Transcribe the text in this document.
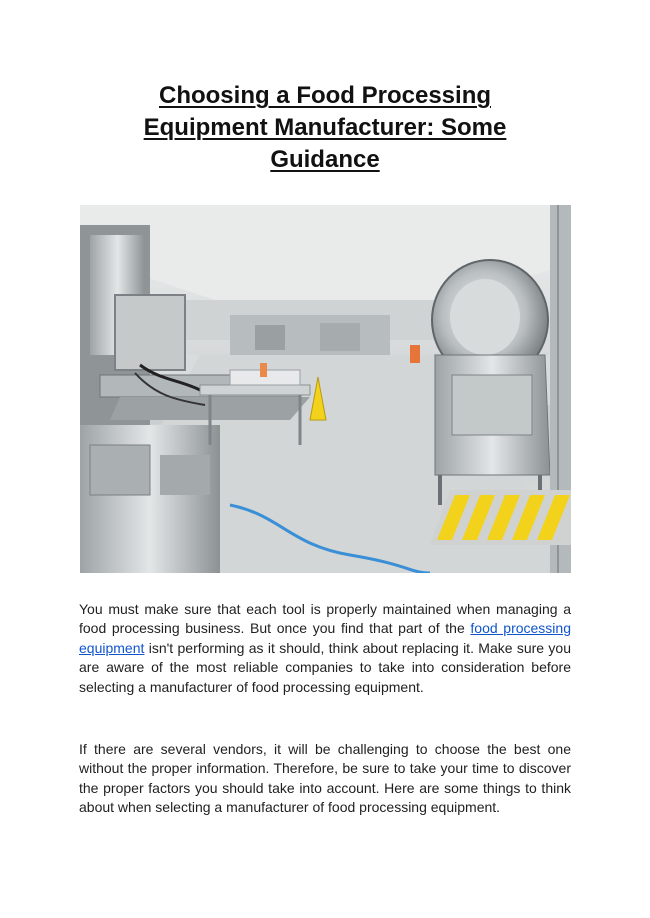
Choosing a Food Processing
Equipment Manufacturer: Some
Guidance

You must make sure that each tool is properly maintained when managing a food processing business. But once you find that part of the food processing equipment isn't performing as it should, think about replacing it. Make sure you are aware of the most reliable companies to take into consideration before selecting a manufacturer of food processing equipment.

If there are several vendors, it will be challenging to choose the best one without the proper information. Therefore, be sure to take your time to discover the proper factors you should take into account. Here are some things to think about when selecting a manufacturer of food processing equipment.
